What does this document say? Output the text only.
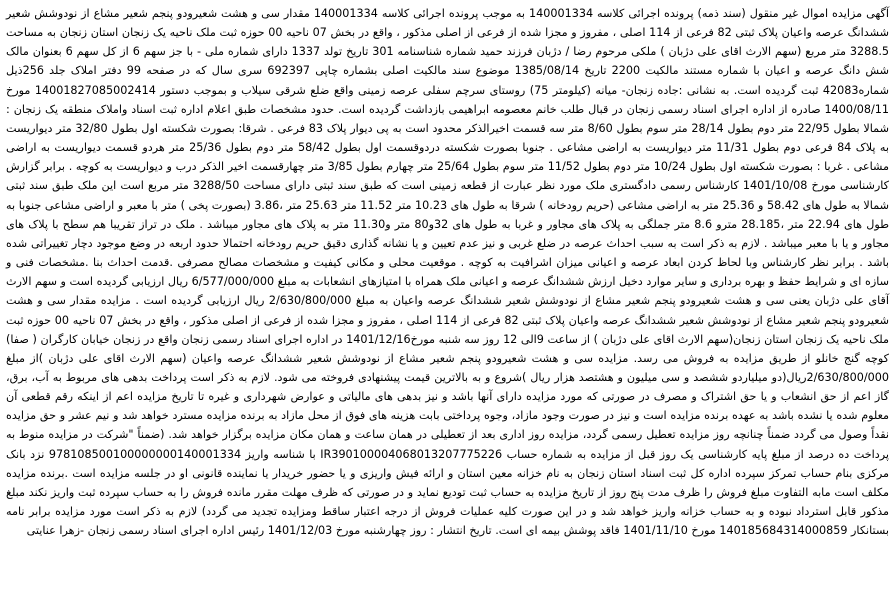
آگهی مزایده اموال غیر منقول (سند ذمه) پرونده اجرائی کلاسه 140001334 به موجب پرونده اجرائی کلاسه 140001334 مقدار سی و هشت شعیرودو پنجم شعیر مشاع از نودوشش شعیر ششدانگ عرصه واعیان پلاک ثبتی 82 فرعی از 114 اصلی ، مفروز و مجزا شده از فرعی از اصلی مذکور ، واقع در بخش 07 ناحیه 00 حوزه ثبت ملک ناحیه یک زنجان استان زنجان به مساحت 3288.5 متر مربع (سهم الارث اقای علی دژبان ) ملکی مرحوم رضا / دژبان فرزند حمید شماره شناسنامه 301 تاریخ تولد 1337 دارای شماره ملی - با جز سهم 6 از کل سهم 6 بعنوان مالک شش دانگ عرصه و اعیان با شماره مستند مالکیت 2200 تاریخ 1385/08/14 موضوع سند مالکیت اصلی بشماره چاپی 692397 سری سال که در صفحه 99 دفتر املاک جلد 256ذیل شماره42083 ثبت گردیده است. به نشانی :جاده زنجان- میانه (کیلومتر 75) روستای سرچم سفلی عرصه زمینی واقع ضلع شرقی سیلاب و بموجب دستور 14001827085002414 مورخ 1400/08/11 صادره از اداره اجرای اسناد رسمی زنجان در قبال طلب خانم معصومه ابراهیمی بازداشت گردیده است. حدود مشخصات طبق اعلام اداره ثبت اسناد واملاک منطقه یک زنجان : شمالا بطول 22/95 متر دوم بطول 28/14 متر سوم بطول 8/60 متر سه قسمت اخیرالذکر محدود است به پی دیوار پلاک 83 فرعی . شرقا: بصورت شکسته اول بطول 32/80 متر دیواریست به پلاک 84 فرعی دوم بطول 11/31 متر دیواریست به اراضی مشاعی . جنوبا بصورت شکسته دردوقسمت اول بطول 58/42 متر دوم بطول 25/36 متر هردو قسمت دیواریست به اراضی مشاعی . غربا : بصورت شکسته اول بطول 10/24 متر دوم بطول 11/52 متر سوم بطول 25/64 متر چهارم بطول 3/85 متر چهارقسمت اخیر الذکر درب و دیواریست به کوچه . برابر گزارش کارشناسی مورخ 1401/10/08 کارشناس رسمی دادگستری ملک مورد نظر عبارت از قطعه زمینی است که طبق سند ثبتی دارای مساحت 3288/50 متر مربع است این ملک طبق سند ثبتی شمالا به طول های 58.42 و 25.36 متر به اراضی مشاعی (حریم رودخانه ) شرقا به طول های 10.23 متر 11.52 متر 25.63 متر ،3.86 (بصورت پخی ) متر با معبر و اراضی مشاعی جنوبا به طول های 22.94 متر ،28.185 مترو 8.6 متر جملگی به پلاک های مجاور و غربا به طول های 32و80 متر و11.30 متر به پلاک های مجاور میباشد . ملک در تراز تقریبا هم سطح با پلاک های مجاور و یا با معبر میباشد . لازم به ذکر است به سبب احداث عرصه در ضلع غربی و نیز عدم تعیین و یا نشانه گذاری دقیق حریم رودخانه احتمالا حدود اربعه در وضع موجود دچار تغییراتی شده باشد . برابر نظر کارشناس وبا لحاظ کردن ابعاد عرصه و اعیانی میزان اشرافیت به کوچه . موقعیت محلی و مکانی کیفیت و مشخصات مصالح مصرفی .قدمت احداث بنا .مشخصات فنی و سازه ای و شرایط حفظ و بهره برداری و سایر موارد دخیل ارزش ششدانگ عرصه و اعیانی ملک همراه با امتیازهای انشعابات به مبلغ 6/577/000/000 ریال ارزیابی گردیده است و سهم الارث آقای علی دژبان یعنی سی و هشت شعیرودو پنجم شعیر مشاع از نودوشش شعیر ششدانگ عرصه واعیان به مبلغ 2/630/800/000 ریال ارزیابی گردیده است . مزایده مقدار سی و هشت شعیرودو پنجم شعیر مشاع از نودوشش شعیر ششدانگ عرصه واعیان پلاک ثبتی 82 فرعی از 114 اصلی ، مفروز و مجزا شده از فرعی از اصلی مذکور ، واقع در بخش 07 ناحیه 00 حوزه ثبت ملک ناحیه یک زنجان استان زنجان(سهم الارث اقای علی دژبان ) از ساعت 9الی 12 روز سه شنبه مورخ1401/12/16 در اداره اجرای اسناد رسمی زنجان واقع در زنجان خیابان کارگران ( صفا) کوچه گنج خانلو از طریق مزایده به فروش می رسد. مزایده سی و هشت شعیرودو پنجم شعیر مشاع از نودوشش شعیر ششدانگ عرصه واعیان (سهم الارث اقای علی دژبان )از مبلغ 2/630/800/000ریال(دو میلیاردو ششصد و سی میلیون و هشتصد هزار ریال )شروع و به بالاترین قیمت پیشنهادی فروخته می شود. لازم به ذکر است پرداخت بدهی های مربوط به آب، برق، گاز اعم از حق انشعاب و یا حق اشتراک و مصرف در صورتی که مورد مزایده دارای آنها باشد و نیز بدهی های مالیاتی و عوارض شهرداری و غیره تا تاریخ مزایده اعم از اینکه رقم قطعی آن معلوم شده یا نشده باشد به عهده برنده مزایده است و نیز در صورت وجود مازاد، وجوه پرداختی بابت هزینه های فوق از محل مازاد به برنده مزایده مسترد خواهد شد و نیم عشر و حق مزایده نقداً وصول می گردد ضمناً چنانچه روز مزایده تعطیل رسمی گردد، مزایده روز اداری بعد از تعطیلی در همان ساعت و همان مکان مزایده برگزار خواهد شد. (ضمناً "شرکت در مزایده منوط به پرداخت ده درصد از مبلغ پایه کارشناسی یک روز قبل از مزایده به شماره حساب IR390100004068013207775226 با شناسه واریز 978108500100000000140001334 نزد بانک مرکزی بنام حساب تمرکز سپرده اداره کل ثبت اسناد استان زنجان به نام خزانه معین استان و ارائه فیش واریزی و یا حضور خریدار یا نماینده قانونی او در جلسه مزایده است .برنده مزایده مکلف است مابه التفاوت مبلغ فروش را ظرف مدت پنج روز از تاریخ مزایده به حساب ثبت تودیع نماید و در صورتی که ظرف مهلت مقرر مانده فروش را به حساب سپرده ثبت واریز نکند مبلغ مذکور قابل استرداد نبوده و به حساب خزانه واریز خواهد شد و در این صورت کلیه عملیات فروش از درجه اعتبار ساقط ومزایده تجدید می گردد) لازم به ذکر است مورد مزایده برابر نامه بستانکار 140185684314000859 مورخ 1401/11/10 فاقد پوشش بیمه ای است. تاریخ انتشار : روز چهارشنبه مورخ 1401/12/03 رئیس اداره اجرای اسناد رسمی زنجان -زهرا عنایتی
